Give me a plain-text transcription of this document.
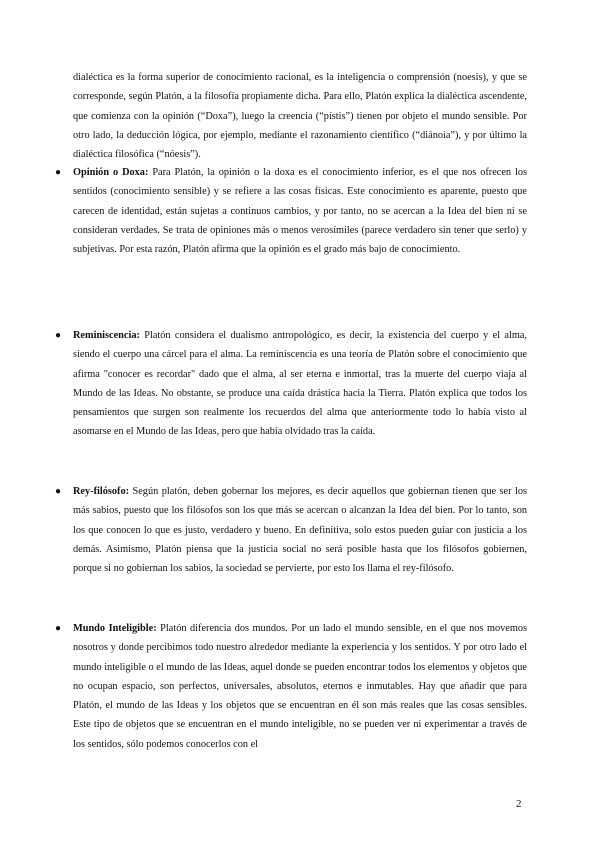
dialéctica es la forma superior de conocimiento racional, es la inteligencia o comprensión (noesis), y que se corresponde, según Platón, a la filosofía propiamente dicha. Para ello, Platón explica la dialéctica ascendente, que comienza con la opinión (“Doxa”), luego la creencia (“pístis”) tienen por objeto el mundo sensible. Por otro lado, la deducción lógica, por ejemplo, mediante el razonamiento científico (“diánoia”), y por último la dialéctica filosófica (“nóesis”).

●	Opinión o Doxa: Para Platón, la opinión o la doxa es el conocimiento inferior, es el que nos ofrecen los sentidos (conocimiento sensible) y se refiere a las cosas físicas. Este conocimiento es aparente, puesto que carecen de identidad, están sujetas a continuos cambios, y por tanto, no se acercan a la Idea del bien ni se consideran verdades. Se trata de opiniones más o menos verosímiles (parece verdadero sin tener que serlo) y subjetivas. Por esta razón, Platón afirma que la opinión es el grado más bajo de conocimiento.

●	Reminiscencia: Platón considera el dualismo antropológico, es decir, la existencia del cuerpo y el alma, siendo el cuerpo una cárcel para el alma. La reminiscencia es una teoría de Platón sobre el conocimiento que afirma "conocer es recordar" dado que el alma, al ser eterna e inmortal, tras la muerte del cuerpo viaja al Mundo de las Ideas. No obstante, se produce una caída drástica hacia la Tierra. Platón explica que todos los pensamientos que surgen son realmente los recuerdos del alma que anteriormente todo lo había visto al asomarse en el Mundo de las Ideas, pero que había olvidado tras la caída.

●	Rey-filósofo: Según platón, deben gobernar los mejores, es decir aquellos que gobiernan tienen que ser los más sabios, puesto que los filósofos son los que más se acercan o alcanzan la Idea del bien. Por lo tanto, son los que conocen lo que es justo, verdadero y bueno. En definitiva, solo estos pueden guiar con justicia a los demás. Asimismo, Platón piensa que la justicia social no será posible hasta que los filósofos gobiernen, porque si no gobiernan los sabios, la sociedad se pervierte, por esto los llama el rey-filósofo.

●	Mundo Inteligible: Platón diferencia dos mundos. Por un lado el mundo sensible, en el que nos movemos nosotros y donde percibimos todo nuestro alrededor mediante la experiencia y los sentidos. Y por otro lado el mundo inteligible o el mundo de las Ideas, aquel donde se pueden encontrar todos los elementos y objetos que no ocupan espacio, son perfectos, universales, absolutos, eternos e inmutables. Hay que añadir que para Platón, el mundo de las Ideas y los objetos que se encuentran en él son más reales que las cosas sensibles. Este tipo de objetos que se encuentran en el mundo inteligible, no se pueden ver ni experimentar a través de los sentidos, sólo podemos conocerlos con el

2
